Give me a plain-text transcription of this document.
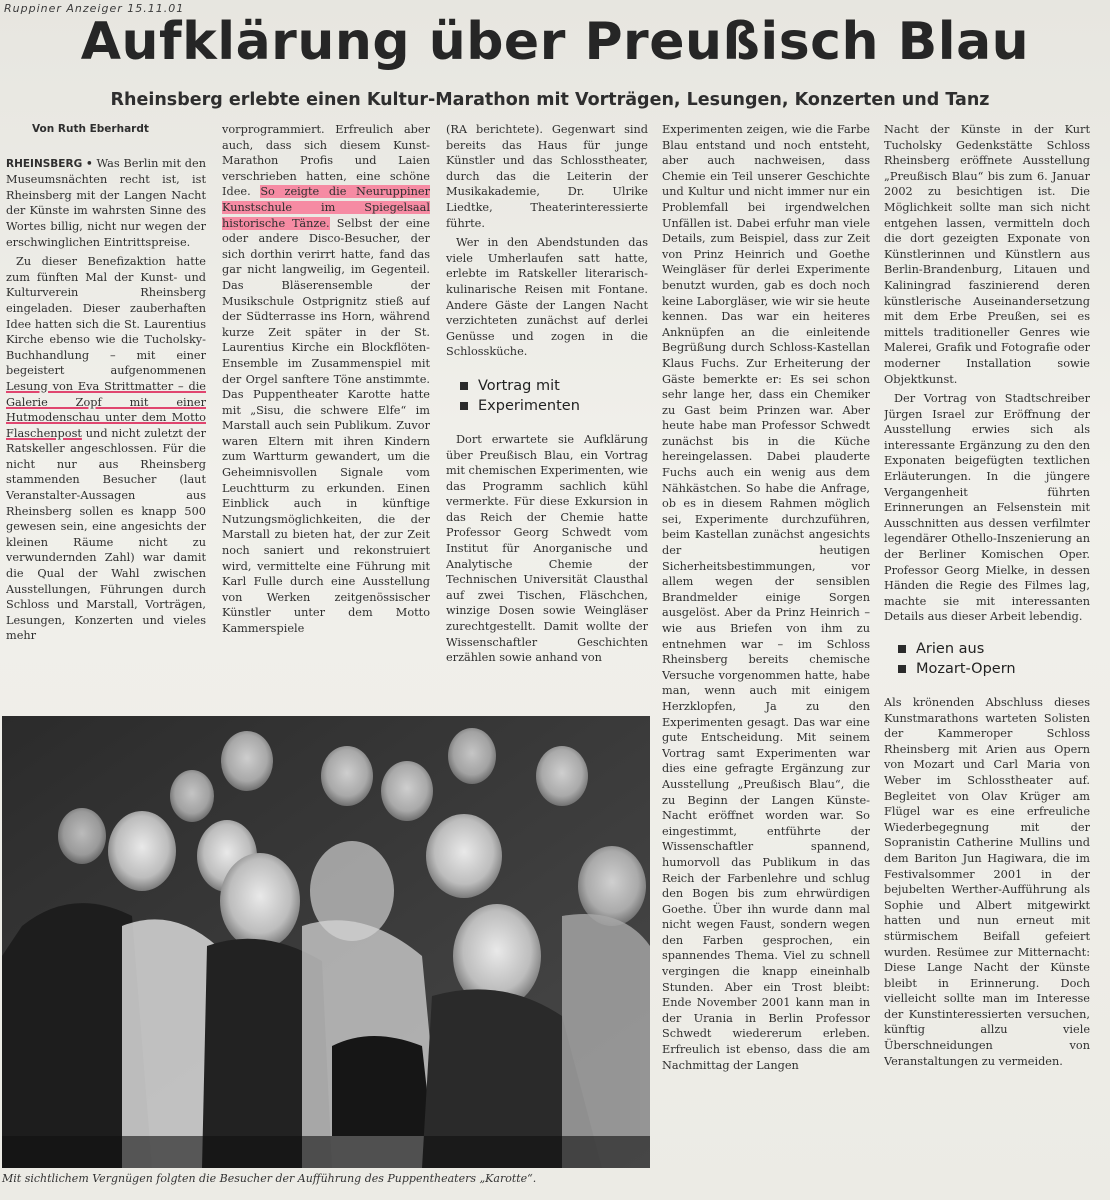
Ruppiner Anzeiger 15.11.01
Aufklärung über Preußisch Blau
Rheinsberg erlebte einen Kultur-Marathon mit Vorträgen, Lesungen, Konzerten und Tanz
Von Ruth Eberhardt

RHEINSBERG • Was Berlin mit den Museumsnächten recht ist, ist Rheinsberg mit der Langen Nacht der Künste im wahrsten Sinne des Wortes billig, nicht nur wegen der erschwinglichen Eintrittspreise.

Zu dieser Benefizaktion hatte zum fünften Mal der Kunst- und Kulturverein Rheinsberg eingeladen. Dieser zauberhaften Idee hatten sich die St. Laurentius Kirche ebenso wie die Tucholsky-Buchhandlung – mit einer begeistert aufgenommenen Lesung von Eva Strittmatter – die Galerie Zopf mit einer Hutmodenschau unter dem Motto Flaschenpost und nicht zuletzt der Ratskeller angeschlossen. Für die nicht nur aus Rheinsberg stammenden Besucher (laut Veranstalter-Aussagen aus Rheinsberg sollen es knapp 500 gewesen sein, eine angesichts der kleinen Räume nicht zu verwundernden Zahl) war damit die Qual der Wahl zwischen Ausstellungen, Führungen durch Schloss und Marstall, Vorträgen, Lesungen, Konzerten und vieles mehr

vorprogrammiert. Erfreulich aber auch, dass sich diesem Kunst-Marathon Profis und Laien verschrieben hatten, eine schöne Idee. So zeigte die Neuruppiner Kunstschule im Spiegelsaal historische Tänze. Selbst der eine oder andere Disco-Besucher, der sich dorthin verirrt hatte, fand das gar nicht langweilig, im Gegenteil. Das Bläserensemble der Musikschule Ostprignitz stieß auf der Südterrasse ins Horn, während kurze Zeit später in der St. Laurentius Kirche ein Blockflöten-Ensemble im Zusammenspiel mit der Orgel sanftere Töne anstimmte. Das Puppentheater Karotte hatte mit „Sisu, die schwere Elfe“ im Marstall auch sein Publikum. Zuvor waren Eltern mit ihren Kindern zum Wartturm gewandert, um die Geheimnisvollen Signale vom Leuchtturm zu erkunden. Einen Einblick auch in künftige Nutzungsmöglichkeiten, die der Marstall zu bieten hat, der zur Zeit noch saniert und rekonstruiert wird, vermittelte eine Führung mit Karl Fulle durch eine Ausstellung von Werken zeitgenössischer Künstler unter dem Motto Kammerspiele

(RA berichtete). Gegenwart sind bereits das Haus für junge Künstler und das Schlosstheater, durch das die Leiterin der Musikakademie, Dr. Ulrike Liedtke, Theaterinteressierte führte.

Wer in den Abendstunden das viele Umherlaufen satt hatte, erlebte im Ratskeller literarisch-kulinarische Reisen mit Fontane. Andere Gäste der Langen Nacht verzichteten zunächst auf derlei Genüsse und zogen in die Schlossküche.

Vortrag mit
Experimenten

Dort erwartete sie Aufklärung über Preußisch Blau, ein Vortrag mit chemischen Experimenten, wie das Programm sachlich kühl vermerkte. Für diese Exkursion in das Reich der Chemie hatte Professor Georg Schwedt vom Institut für Anorganische und Analytische Chemie der Technischen Universität Clausthal auf zwei Tischen, Fläschchen, winzige Dosen sowie Weingläser zurechtgestellt. Damit wollte der Wissenschaftler Geschichten erzählen sowie anhand von

Experimenten zeigen, wie die Farbe Blau entstand und noch entsteht, aber auch nachweisen, dass Chemie ein Teil unserer Geschichte und Kultur und nicht immer nur ein Problemfall bei irgendwelchen Unfällen ist. Dabei erfuhr man viele Details, zum Beispiel, dass zur Zeit von Prinz Heinrich und Goethe Weingläser für derlei Experimente benutzt wurden, gab es doch noch keine Laborgläser, wie wir sie heute kennen. Das war ein heiteres Anknüpfen an die einleitende Begrüßung durch Schloss-Kastellan Klaus Fuchs. Zur Erheiterung der Gäste bemerkte er: Es sei schon sehr lange her, dass ein Chemiker zu Gast beim Prinzen war. Aber heute habe man Professor Schwedt zunächst bis in die Küche hereingelassen. Dabei plauderte Fuchs auch ein wenig aus dem Nähkästchen. So habe die Anfrage, ob es in diesem Rahmen möglich sei, Experimente durchzuführen, beim Kastellan zunächst angesichts der heutigen Sicherheitsbestimmungen, vor allem wegen der sensiblen Brandmelder einige Sorgen ausgelöst. Aber da Prinz Heinrich – wie aus Briefen von ihm zu entnehmen war – im Schloss Rheinsberg bereits chemische Versuche vorgenommen hatte, habe man, wenn auch mit einigem Herzklopfen, Ja zu den Experimenten gesagt. Das war eine gute Entscheidung. Mit seinem Vortrag samt Experimenten war dies eine gefragte Ergänzung zur Ausstellung „Preußisch Blau“, die zu Beginn der Langen Künste-Nacht eröffnet worden war. So eingestimmt, entführte der Wissenschaftler spannend, humorvoll das Publikum in das Reich der Farbenlehre und schlug den Bogen bis zum ehrwürdigen Goethe. Über ihn wurde dann mal nicht wegen Faust, sondern wegen den Farben gesprochen, ein spannendes Thema. Viel zu schnell vergingen die knapp eineinhalb Stunden. Aber ein Trost bleibt: Ende November 2001 kann man in der Urania in Berlin Professor Schwedt wiedererum erleben. Erfreulich ist ebenso, dass die am Nachmittag der Langen

Nacht der Künste in der Kurt Tucholsky Gedenkstätte Schloss Rheinsberg eröffnete Ausstellung „Preußisch Blau“ bis zum 6. Januar 2002 zu besichtigen ist. Die Möglichkeit sollte man sich nicht entgehen lassen, vermitteln doch die dort gezeigten Exponate von Künstlerinnen und Künstlern aus Berlin-Brandenburg, Litauen und Kaliningrad faszinierend deren künstlerische Auseinandersetzung mit dem Erbe Preußen, sei es mittels traditioneller Genres wie Malerei, Grafik und Fotografie oder moderner Installation sowie Objektkunst.

Der Vortrag von Stadtschreiber Jürgen Israel zur Eröffnung der Ausstellung erwies sich als interessante Ergänzung zu den den Exponaten beigefügten textlichen Erläuterungen. In die jüngere Vergangenheit führten Erinnerungen an Felsenstein mit Ausschnitten aus dessen verfilmter legendärer Othello-Inszenierung an der Berliner Komischen Oper. Professor Georg Mielke, in dessen Händen die Regie des Filmes lag, machte sie mit interessanten Details aus dieser Arbeit lebendig.

Arien aus
Mozart-Opern

Als krönenden Abschluss dieses Kunstmarathons warteten Solisten der Kammeroper Schloss Rheinsberg mit Arien aus Opern von Mozart und Carl Maria von Weber im Schlosstheater auf. Begleitet von Olav Krüger am Flügel war es eine erfreuliche Wiederbegegnung mit der Sopranistin Catherine Mullins und dem Bariton Jun Hagiwara, die im Festivalsommer 2001 in der bejubelten Werther-Aufführung als Sophie und Albert mitgewirkt hatten und nun erneut mit stürmischem Beifall gefeiert wurden. Resümee zur Mitternacht: Diese Lange Nacht der Künste bleibt in Erinnerung. Doch vielleicht sollte man im Interesse der Kunstinteressierten versuchen, künftig allzu viele Überschneidungen von Veranstaltungen zu vermeiden.

Mit sichtlichem Vergnügen folgten die Besucher der Aufführung des Puppentheaters „Karotte“.
